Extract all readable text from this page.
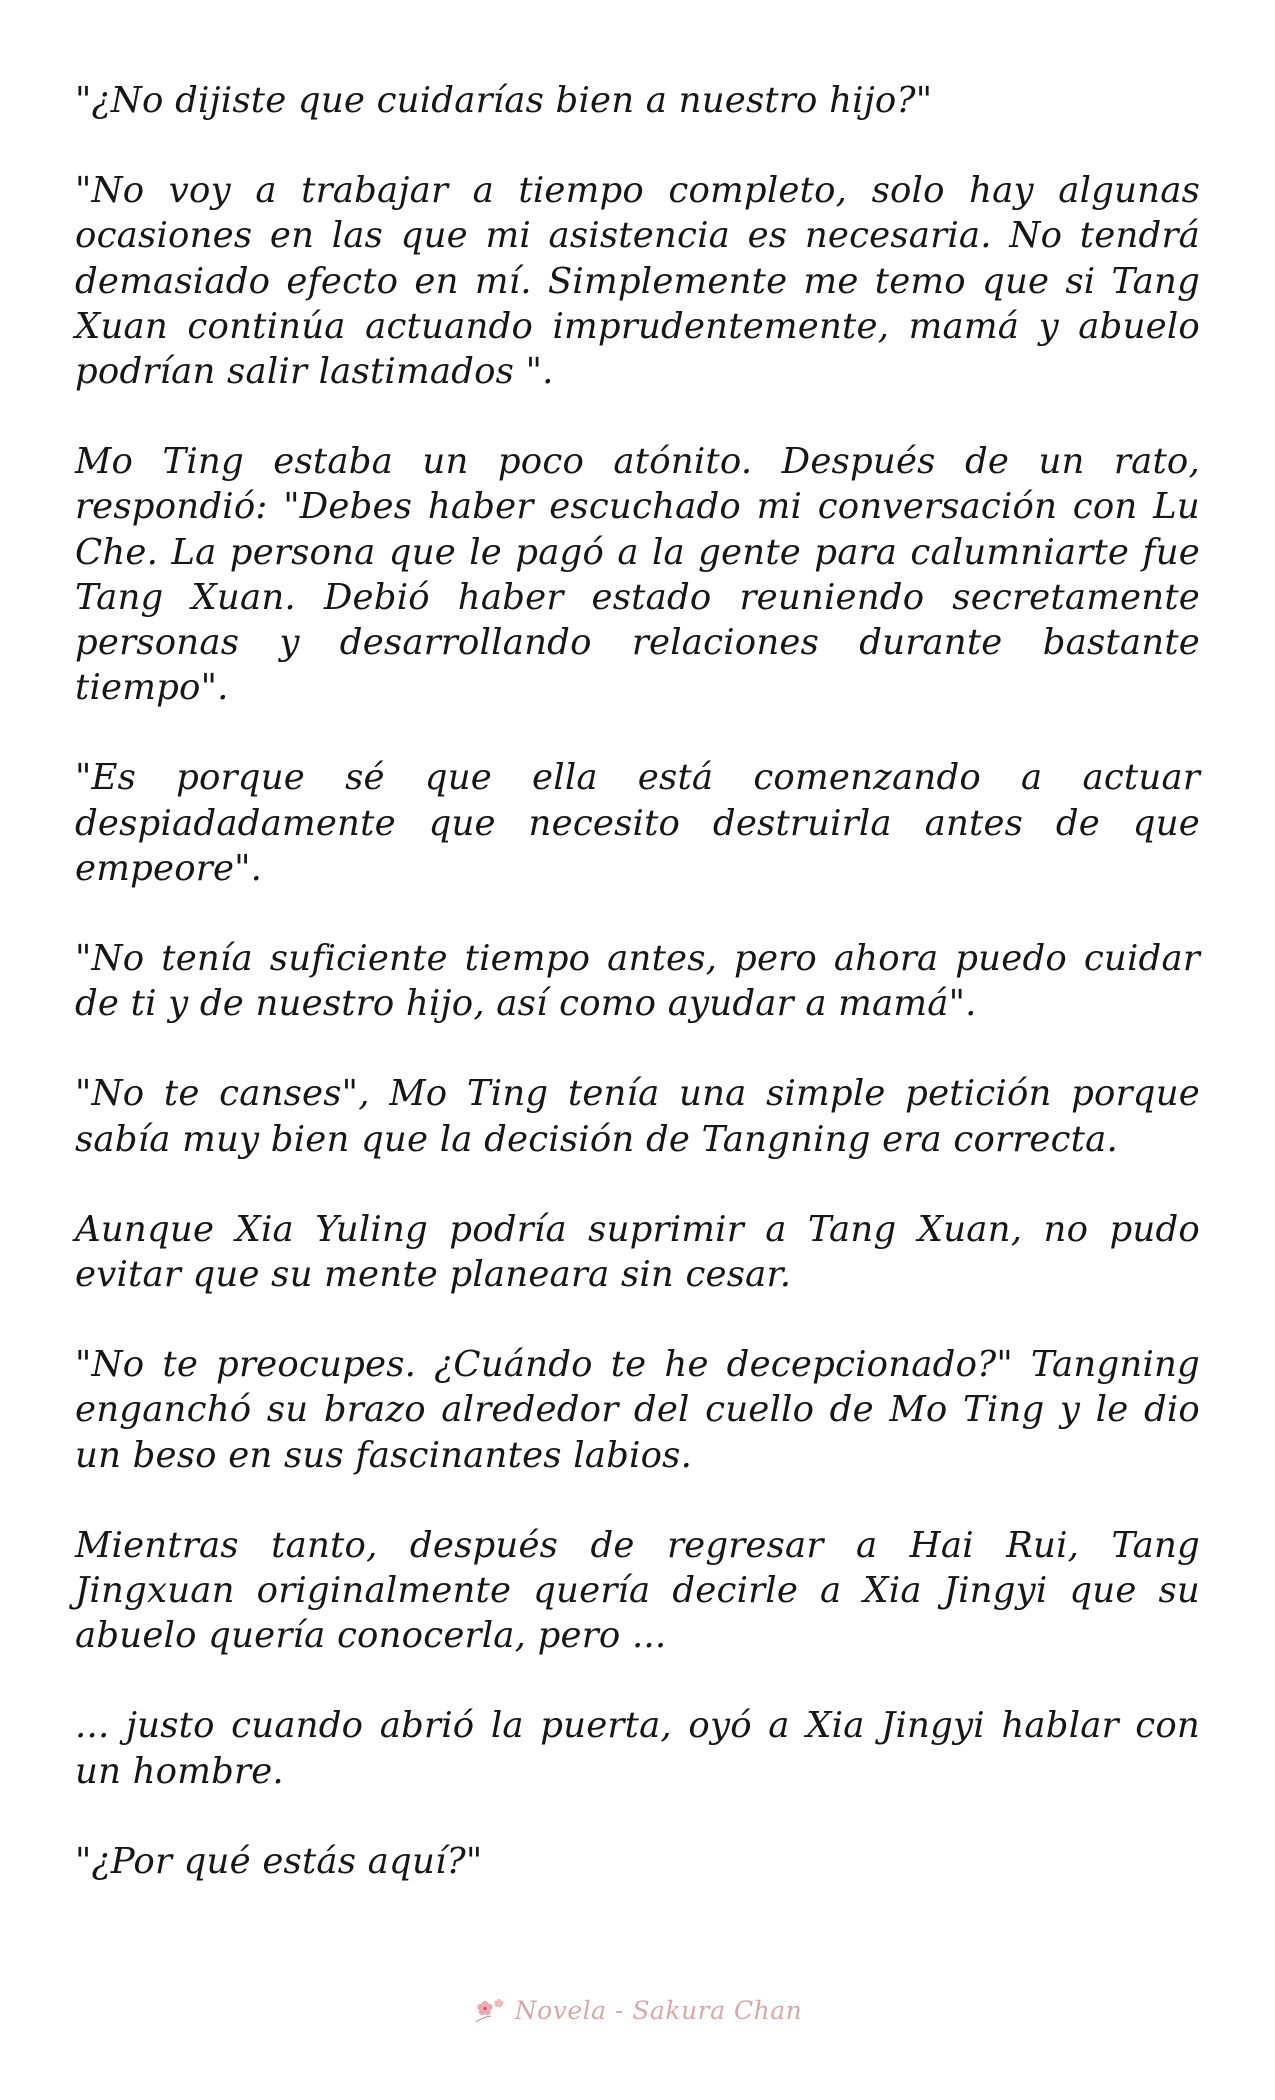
"¿No dijiste que cuidarías bien a nuestro hijo?"

"No voy a trabajar a tiempo completo, solo hay algunas ocasiones en las que mi asistencia es necesaria. No tendrá demasiado efecto en mí. Simplemente me temo que si Tang Xuan continúa actuando imprudentemente, mamá y abuelo podrían salir lastimados ".

Mo Ting estaba un poco atónito. Después de un rato, respondió: "Debes haber escuchado mi conversación con Lu Che. La persona que le pagó a la gente para calumniarte fue Tang Xuan. Debió haber estado reuniendo secretamente personas y desarrollando relaciones durante bastante tiempo".

"Es porque sé que ella está comenzando a actuar despiadadamente que necesito destruirla antes de que empeore".

"No tenía suficiente tiempo antes, pero ahora puedo cuidar de ti y de nuestro hijo, así como ayudar a mamá".

"No te canses", Mo Ting tenía una simple petición porque sabía muy bien que la decisión de Tangning era correcta.

Aunque Xia Yuling podría suprimir a Tang Xuan, no pudo evitar que su mente planeara sin cesar.

"No te preocupes. ¿Cuándo te he decepcionado?" Tangning enganchó su brazo alrededor del cuello de Mo Ting y le dio un beso en sus fascinantes labios.

Mientras tanto, después de regresar a Hai Rui, Tang Jingxuan originalmente quería decirle a Xia Jingyi que su abuelo quería conocerla, pero ...

... justo cuando abrió la puerta, oyó a Xia Jingyi hablar con un hombre.

"¿Por qué estás aquí?"

Novela - Sakura Chan
